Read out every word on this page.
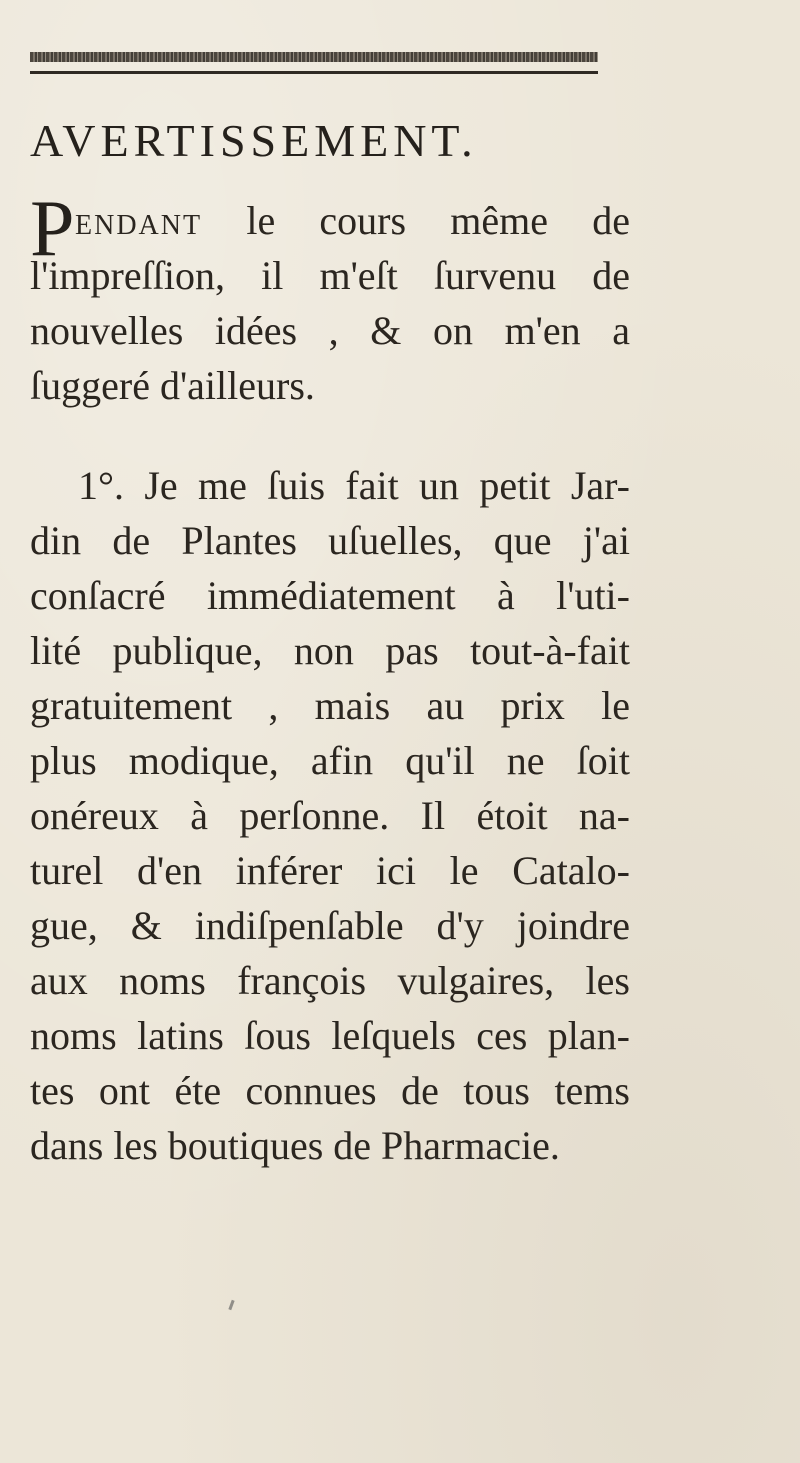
AVERTISSEMENT.
P ENDANT le cours même de
l'impreſſion, il m'eſt ſurvenu de
nouvelles idées , & on m'en a
ſuggeré d'ailleurs.
1°. Je me ſuis fait un petit Jar-
din de Plantes uſuelles, que j'ai
conſacré immédiatement à l'uti-
lité publique, non pas tout-à-fait
gratuitement , mais au prix le
plus modique, afin qu'il ne ſoit
onéreux à perſonne. Il étoit na-
turel d'en inférer ici le Catalo-
gue, & indiſpenſable d'y joindre
aux noms françois vulgaires, les
noms latins ſous leſquels ces plan-
tes ont éte connues de tous tems
dans les boutiques de Pharmacie.
